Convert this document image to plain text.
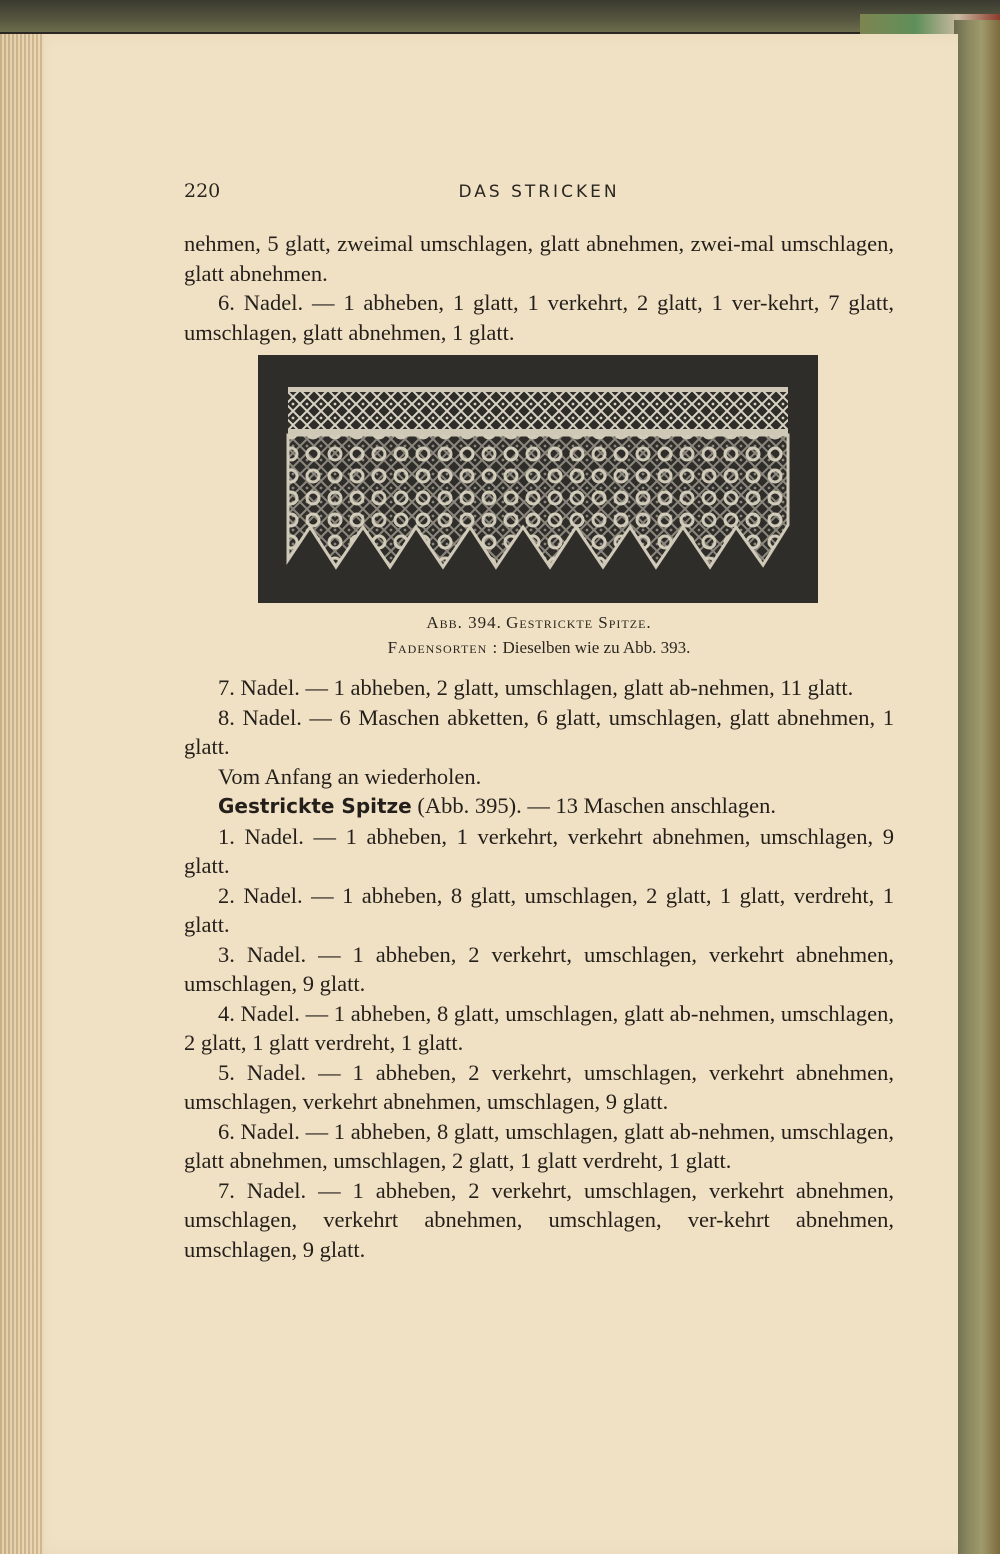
220	DAS STRICKEN

nehmen, 5 glatt, zweimal umschlagen, glatt abnehmen, zwei-mal umschlagen, glatt abnehmen.

6. Nadel. — 1 abheben, 1 glatt, 1 verkehrt, 2 glatt, 1 ver-kehrt, 7 glatt, umschlagen, glatt abnehmen, 1 glatt.

Abb. 394. Gestrickte Spitze.
Fadensorten : Dieselben wie zu Abb. 393.

7. Nadel. — 1 abheben, 2 glatt, umschlagen, glatt ab-nehmen, 11 glatt.

8. Nadel. — 6 Maschen abketten, 6 glatt, umschlagen, glatt abnehmen, 1 glatt.

Vom Anfang an wiederholen.

Gestrickte Spitze (Abb. 395). — 13 Maschen anschlagen.

1. Nadel. — 1 abheben, 1 verkehrt, verkehrt abnehmen, umschlagen, 9 glatt.

2. Nadel. — 1 abheben, 8 glatt, umschlagen, 2 glatt, 1 glatt, verdreht, 1 glatt.

3. Nadel. — 1 abheben, 2 verkehrt, umschlagen, verkehrt abnehmen, umschlagen, 9 glatt.

4. Nadel. — 1 abheben, 8 glatt, umschlagen, glatt ab-nehmen, umschlagen, 2 glatt, 1 glatt verdreht, 1 glatt.

5. Nadel. — 1 abheben, 2 verkehrt, umschlagen, verkehrt abnehmen, umschlagen, verkehrt abnehmen, umschlagen, 9 glatt.

6. Nadel. — 1 abheben, 8 glatt, umschlagen, glatt ab-nehmen, umschlagen, glatt abnehmen, umschlagen, 2 glatt, 1 glatt verdreht, 1 glatt.

7. Nadel. — 1 abheben, 2 verkehrt, umschlagen, verkehrt abnehmen, umschlagen, verkehrt abnehmen, umschlagen, ver-kehrt abnehmen, umschlagen, 9 glatt.
